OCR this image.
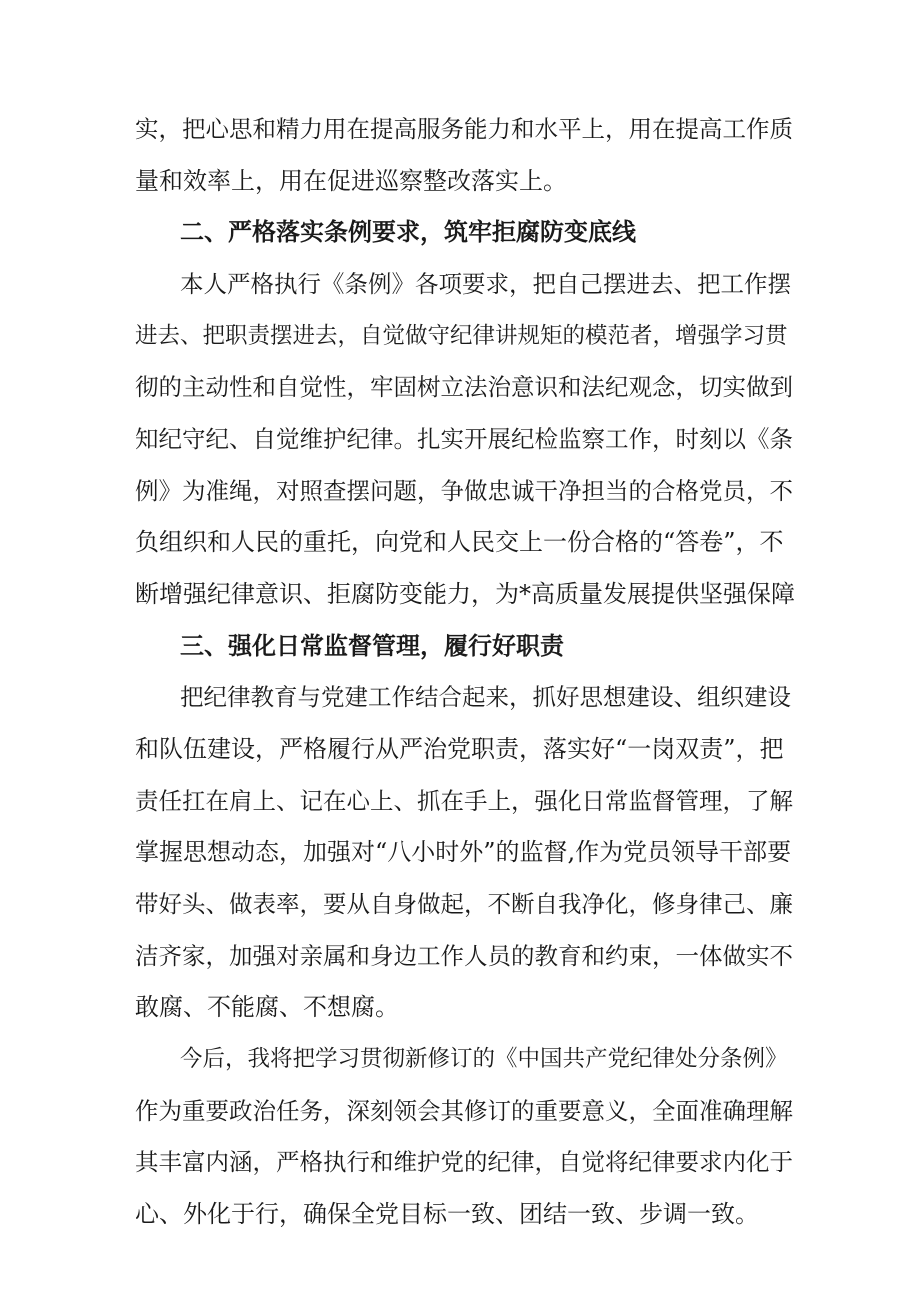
实，把心思和精力用在提高服务能力和水平上，用在提高工作质
量和效率上，用在促进巡察整改落实上。
二、严格落实条例要求，筑牢拒腐防变底线
本人严格执行《条例》各项要求，把自己摆进去、把工作摆
进去、把职责摆进去，自觉做守纪律讲规矩的模范者，增强学习贯
彻的主动性和自觉性，牢固树立法治意识和法纪观念，切实做到
知纪守纪、自觉维护纪律。扎实开展纪检监察工作，时刻以《条
例》为准绳，对照查摆问题，争做忠诚干净担当的合格党员，不
负组织和人民的重托，向党和人民交上一份合格的“答卷”，不
断增强纪律意识、拒腐防变能力，为*高质量发展提供坚强保障
三、强化日常监督管理，履行好职责
把纪律教育与党建工作结合起来，抓好思想建设、组织建设
和队伍建设，严格履行从严治党职责，落实好“一岗双责”，把
责任扛在肩上、记在心上、抓在手上，强化日常监督管理，了解
掌握思想动态，加强对“八小时外”的监督,作为党员领导干部要
带好头、做表率，要从自身做起，不断自我净化，修身律己、廉
洁齐家，加强对亲属和身边工作人员的教育和约束，一体做实不
敢腐、不能腐、不想腐。
今后，我将把学习贯彻新修订的《中国共产党纪律处分条例》
作为重要政治任务，深刻领会其修订的重要意义，全面准确理解
其丰富内涵，严格执行和维护党的纪律，自觉将纪律要求内化于
心、外化于行，确保全党目标一致、团结一致、步调一致。
